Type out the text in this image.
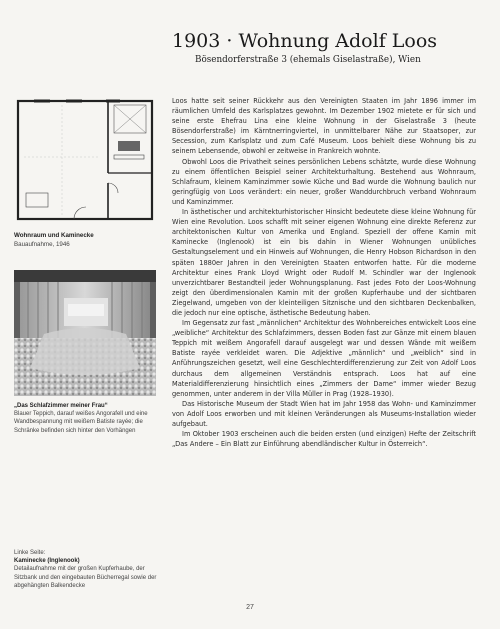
1903 · Wohnung Adolf Loos
Bösendorferstraße 3 (ehemals Giselastraße), Wien
Wohnraum und Kaminecke
Bauaufnahme, 1946
„Das Schlafzimmer meiner Frau“
Blauer Teppich, darauf weißes Angorafell und eine Wandbespannung mit weißem Batiste rayée; die Schränke befinden sich hinter den Vorhängen
Linke Seite:
Kaminecke (Inglenook)
Detailaufnahme mit der großen Kupferhaube, der Sitzbank und den eingebauten Bücherregal sowie der abgehängten Balkendecke

Loos hatte seit seiner Rückkehr aus den Vereinigten Staaten im Jahr 1896 immer im räumlichen Umfeld des Karlsplatzes gewohnt. Im Dezember 1902 mietete er für sich und seine erste Ehefrau Lina eine kleine Wohnung in der Giselastraße 3 (heute Bösendorferstraße) im Kärntnerringviertel, in unmittelbarer Nähe zur Staatsoper, zur Secession, zum Karlsplatz und zum Café Museum. Loos behielt diese Wohnung bis zu seinem Lebensende, obwohl er zeitweise in Frankreich wohnte.

Obwohl Loos die Privatheit seines persönlichen Lebens schätzte, wurde diese Wohnung zu einem öffentlichen Beispiel seiner Architekturhaltung. Bestehend aus Wohnraum, Schlafraum, kleinem Kaminzimmer sowie Küche und Bad wurde die Wohnung baulich nur geringfügig von Loos verändert: ein neuer, großer Wanddurchbruch verband Wohnraum und Kaminzimmer.

In ästhetischer und architekturhistorischer Hinsicht bedeutete diese kleine Wohnung für Wien eine Revolution. Loos schafft mit seiner eigenen Wohnung eine direkte Referenz zur architektonischen Kultur von Amerika und England. Speziell der offene Kamin mit Kaminecke (Inglenook) ist ein bis dahin in Wiener Wohnungen unübliches Gestaltungselement und ein Hinweis auf Wohnungen, die Henry Hobson Richardson in den späten 1880er Jahren in den Vereinigten Staaten entworfen hatte. Für die moderne Architektur eines Frank Lloyd Wright oder Rudolf M. Schindler war der Inglenook unverzichtbarer Bestandteil jeder Wohnungsplanung. Fast jedes Foto der Loos-Wohnung zeigt den überdimensionalen Kamin mit der großen Kupferhaube und der sichtbaren Ziegelwand, umgeben von der kleinteiligen Sitznische und den sichtbaren Deckenbalken, die jedoch nur eine optische, ästhetische Bedeutung haben.

Im Gegensatz zur fast „männlichen“ Architektur des Wohnbereiches entwickelt Loos eine „weibliche“ Architektur des Schlafzimmers, dessen Boden fast zur Gänze mit einem blauen Teppich mit weißem Angorafell darauf ausgelegt war und dessen Wände mit weißem Batiste rayée verkleidet waren. Die Adjektive „männlich“ und „weiblich“ sind in Anführungszeichen gesetzt, weil eine Geschlechterdifferenzierung zur Zeit von Adolf Loos durchaus dem allgemeinen Verständnis entsprach. Loos hat auf eine Materialdifferenzierung hinsichtlich eines „Zimmers der Dame“ immer wieder Bezug genommen, unter anderem in der Villa Müller in Prag (1928–1930).

Das Historische Museum der Stadt Wien hat im Jahr 1958 das Wohn- und Kaminzimmer von Adolf Loos erworben und mit kleinen Veränderungen als Museums-Installation wieder aufgebaut.

Im Oktober 1903 erscheinen auch die beiden ersten (und einzigen) Hefte der Zeitschrift „Das Andere – Ein Blatt zur Einführung abendländischer Kultur in Österreich“.

27
